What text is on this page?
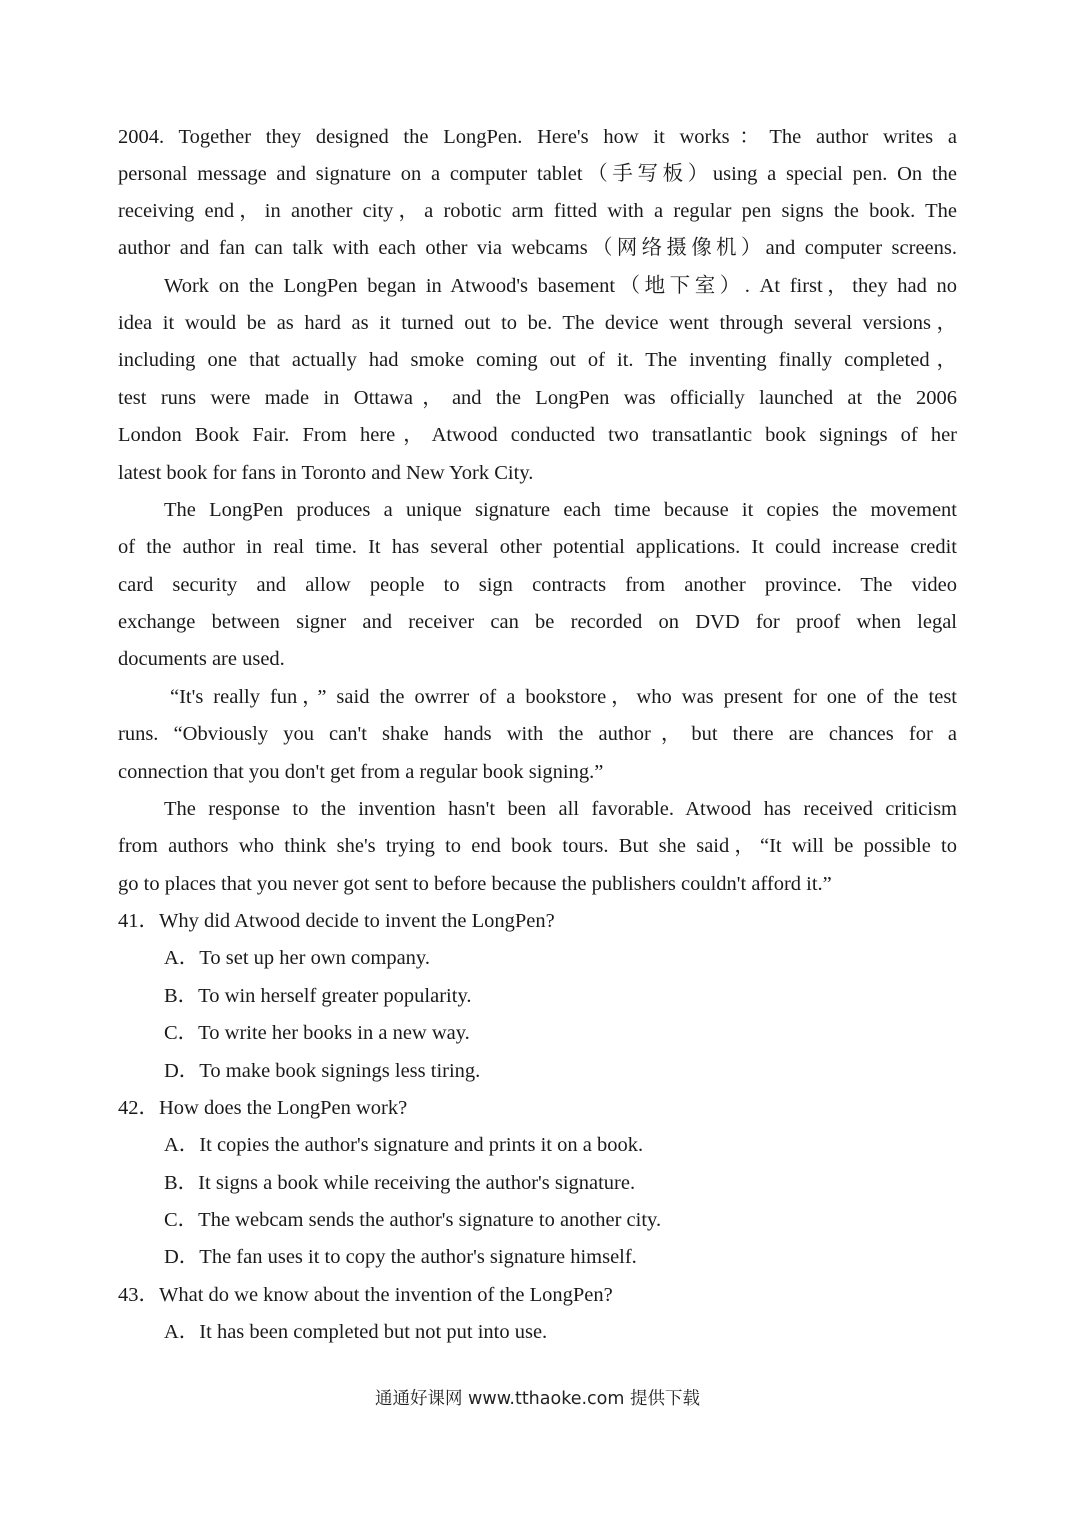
2004. Together they designed the LongPen. Here's how it works：The author writes a
personal message and signature on a computer tablet（手写板）using a special pen. On the
receiving end，in another city，a robotic arm fitted with a regular pen signs the book. The
author and fan can talk with each other via webcams（网络摄像机）and computer screens.
Work on the LongPen began in Atwood's basement（地下室）. At first，they had no
idea it would be as hard as it turned out to be. The device went through several versions，
including one that actually had smoke coming out of it. The inventing finally completed，
test runs were made in Ottawa，and the LongPen was officially launched at the 2006
London Book Fair. From here，Atwood conducted two transatlantic book signings of her
latest book for fans in Toronto and New York City.
The LongPen produces a unique signature each time because it copies the movement
of the author in real time. It has several other potential applications. It could increase credit
card security and allow people to sign contracts from another province. The video
exchange between signer and receiver can be recorded on DVD for proof when legal
documents are used.
“It's really fun，” said the owrrer of a bookstore，who was present for one of the test
runs. “Obviously you can't shake hands with the author，but there are chances for a
connection that you don't get from a regular book signing.”
The response to the invention hasn't been all favorable. Atwood has received criticism
from authors who think she's trying to end book tours. But she said，“It will be possible to
go to places that you never got sent to before because the publishers couldn't afford it.”
41．Why did Atwood decide to invent the LongPen?
A．To set up her own company.
B．To win herself greater popularity.
C．To write her books in a new way.
D．To make book signings less tiring.
42．How does the LongPen work?
A．It copies the author's signature and prints it on a book.
B．It signs a book while receiving the author's signature.
C．The webcam sends the author's signature to another city.
D．The fan uses it to copy the author's signature himself.
43．What do we know about the invention of the LongPen?
A．It has been completed but not put into use.
通通好课网 www.tthaoke.com 提供下载
